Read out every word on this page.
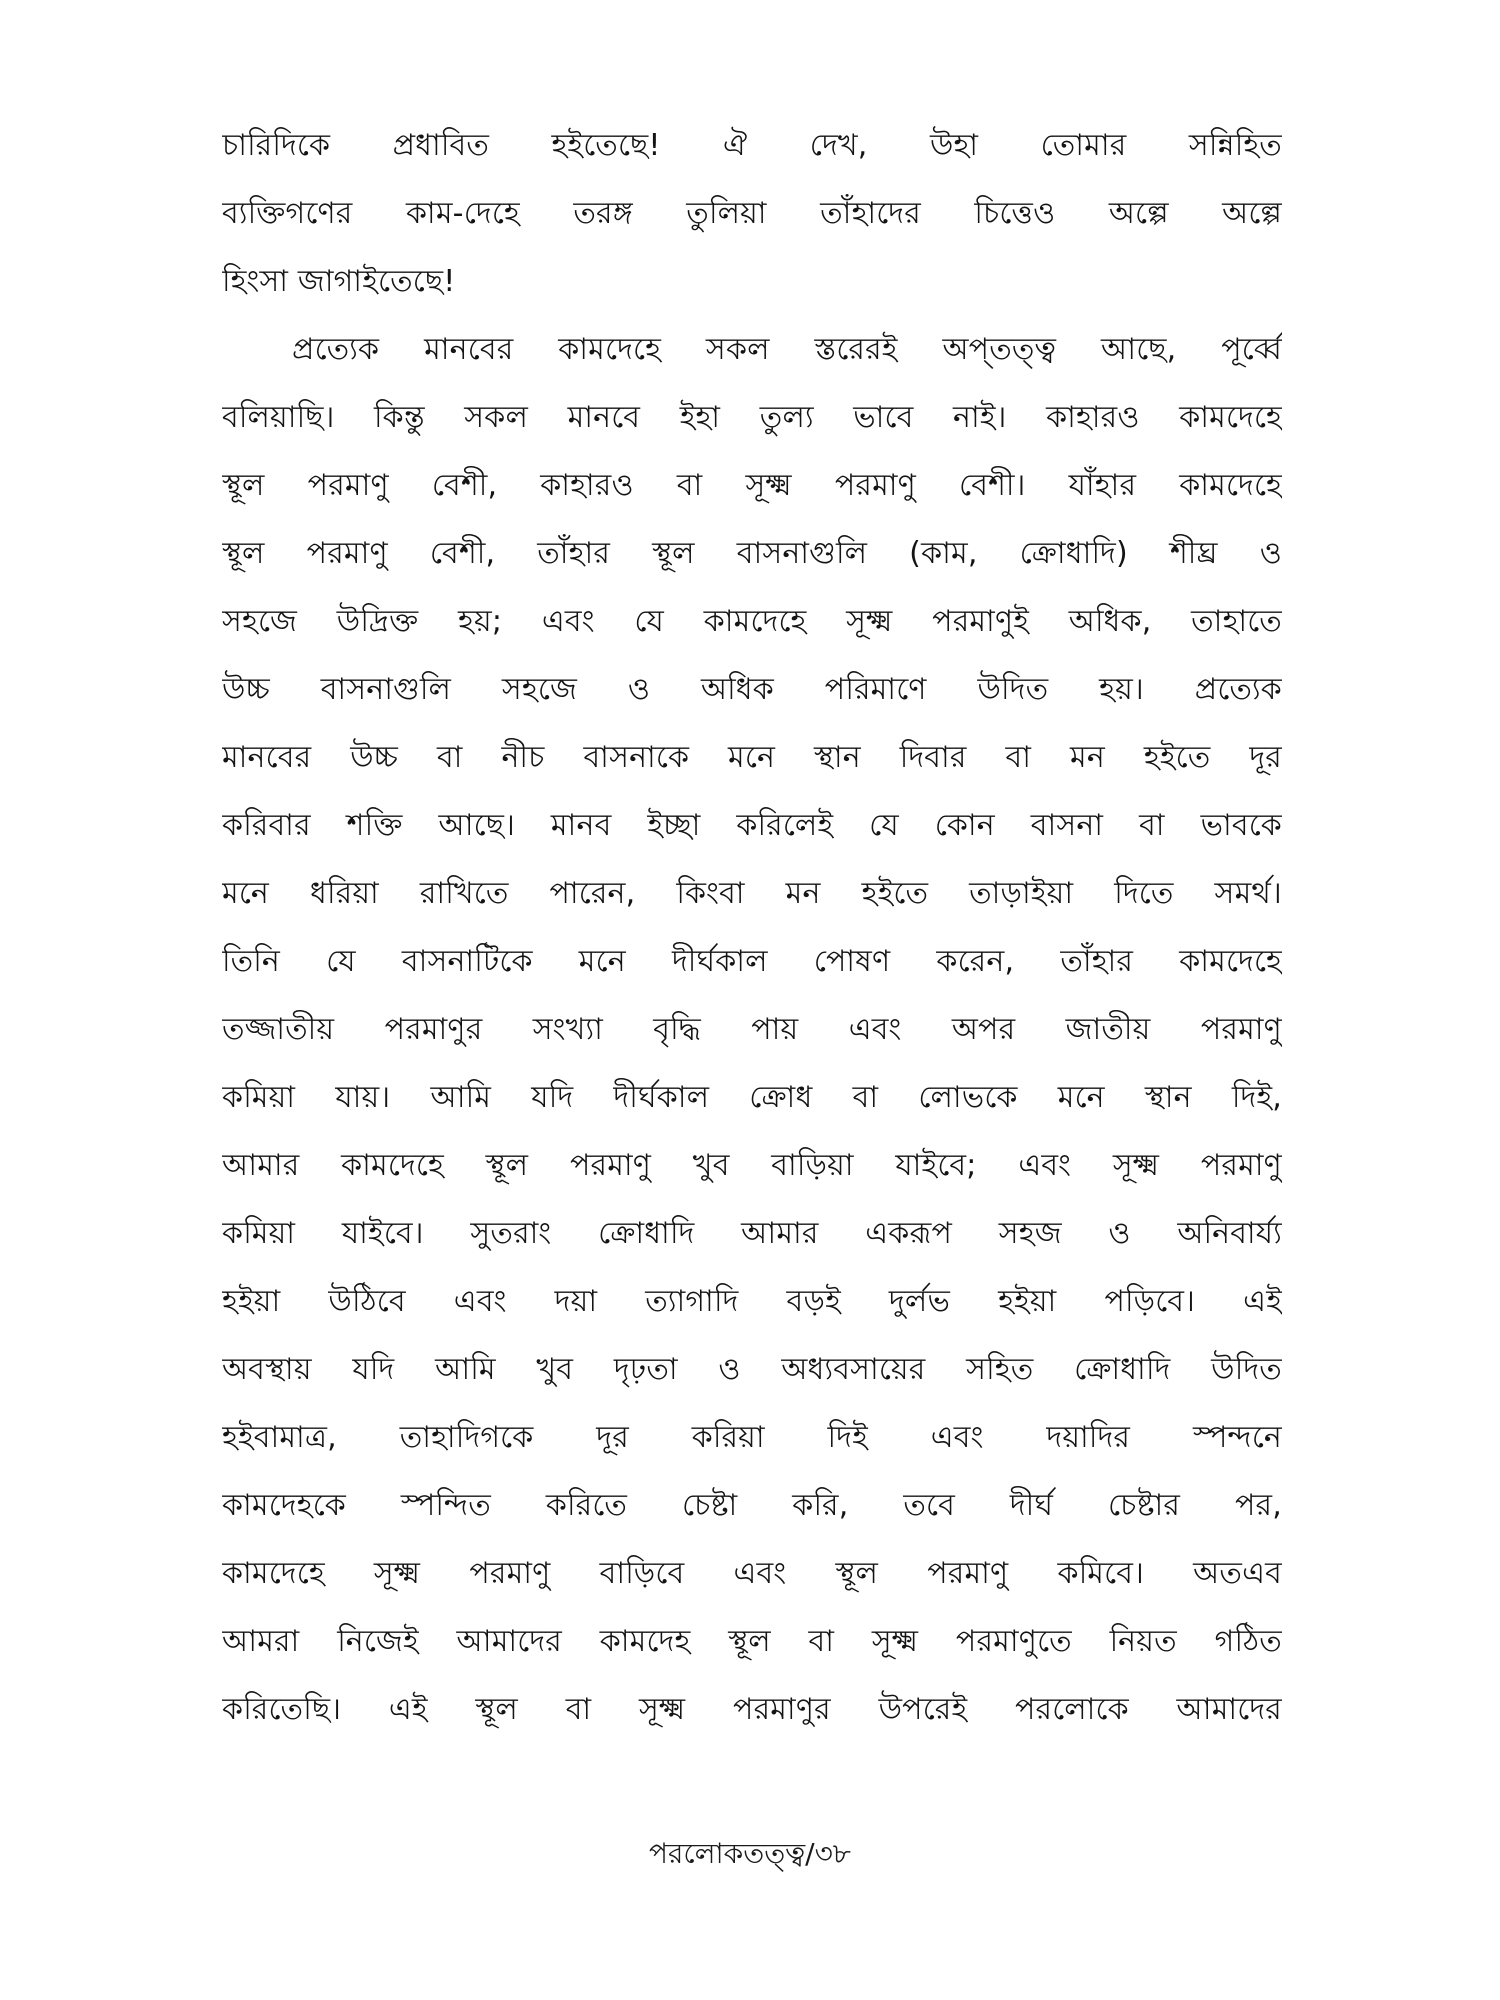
চারিদিকে প্রধাবিত হইতেছে! ঐ দেখ, উহা তোমার সন্নিহিত
ব্যক্তিগণের কাম-দেহে তরঙ্গ তুলিয়া তাঁহাদের চিত্তেও অল্পে অল্পে
হিংসা জাগাইতেছে!
প্রত্যেক মানবের কামদেহে সকল স্তরেরই অপ্‌তত্ত্ব আছে, পূর্ব্বে
বলিয়াছি। কিন্তু সকল মানবে ইহা তুল্য ভাবে নাই। কাহারও কামদেহে
স্থূল পরমাণু বেশী, কাহারও বা সূক্ষ্ম পরমাণু বেশী। যাঁহার কামদেহে
স্থূল পরমাণু বেশী, তাঁহার স্থূল বাসনাগুলি (কাম, ক্রোধাদি) শীঘ্র ও
সহজে উদ্রিক্ত হয়; এবং যে কামদেহে সূক্ষ্ম পরমাণুই অধিক, তাহাতে
উচ্চ বাসনাগুলি সহজে ও অধিক পরিমাণে উদিত হয়। প্রত্যেক
মানবের উচ্চ বা নীচ বাসনাকে মনে স্থান দিবার বা মন হইতে দূর
করিবার শক্তি আছে। মানব ইচ্ছা করিলেই যে কোন বাসনা বা ভাবকে
মনে ধরিয়া রাখিতে পারেন, কিংবা মন হইতে তাড়াইয়া দিতে সমর্থ।
তিনি যে বাসনাটিকে মনে দীর্ঘকাল পোষণ করেন, তাঁহার কামদেহে
তজ্জাতীয় পরমাণুর সংখ্যা বৃদ্ধি পায় এবং অপর জাতীয় পরমাণু
কমিয়া যায়। আমি যদি দীর্ঘকাল ক্রোধ বা লোভকে মনে স্থান দিই,
আমার কামদেহে স্থূল পরমাণু খুব বাড়িয়া যাইবে; এবং সূক্ষ্ম পরমাণু
কমিয়া যাইবে। সুতরাং ক্রোধাদি আমার একরূপ সহজ ও অনিবার্য্য
হইয়া উঠিবে এবং দয়া ত্যাগাদি বড়ই দুর্লভ হইয়া পড়িবে। এই
অবস্থায় যদি আমি খুব দৃঢ়তা ও অধ্যবসায়ের সহিত ক্রোধাদি উদিত
হইবামাত্র, তাহাদিগকে দূর করিয়া দিই এবং দয়াদির স্পন্দনে
কামদেহকে স্পন্দিত করিতে চেষ্টা করি, তবে দীর্ঘ চেষ্টার পর,
কামদেহে সূক্ষ্ম পরমাণু বাড়িবে এবং স্থূল পরমাণু কমিবে। অতএব
আমরা নিজেই আমাদের কামদেহ স্থূল বা সূক্ষ্ম পরমাণুতে নিয়ত গঠিত
করিতেছি। এই স্থূল বা সূক্ষ্ম পরমাণুর উপরেই পরলোকে আমাদের
পরলোকতত্ত্ব/৩৮
